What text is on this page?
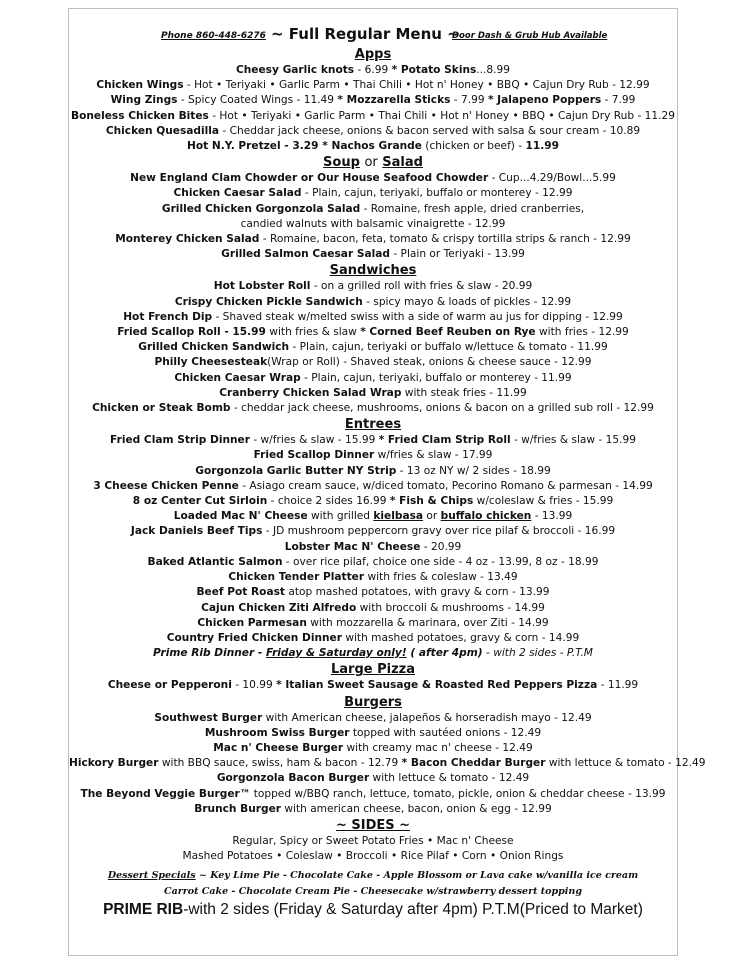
Phone 860-448-6276 ~ Full Regular Menu ~
Door Dash & Grub Hub Available
Apps
Cheesy Garlic knots - 6.99 * Potato Skins...8.99
Chicken Wings - Hot • Teriyaki • Garlic Parm • Thai Chili • Hot n' Honey • BBQ • Cajun Dry Rub - 12.99
Wing Zings - Spicy Coated Wings - 11.49 * Mozzarella Sticks - 7.99 * Jalapeno Poppers - 7.99
Boneless Chicken Bites - Hot • Teriyaki • Garlic Parm • Thai Chili • Hot n' Honey • BBQ • Cajun Dry Rub - 11.29
Chicken Quesadilla - Cheddar jack cheese, onions & bacon served with salsa & sour cream - 10.89
Hot N.Y. Pretzel - 3.29 * Nachos Grande (chicken or beef) - 11.99
Soup or Salad
New England Clam Chowder or Our House Seafood Chowder - Cup...4.29/Bowl...5.99
Chicken Caesar Salad - Plain, cajun, teriyaki, buffalo or monterey - 12.99
Grilled Chicken Gorgonzola Salad - Romaine, fresh apple, dried cranberries,
candied walnuts with balsamic vinaigrette - 12.99
Monterey Chicken Salad - Romaine, bacon, feta, tomato & crispy tortilla strips & ranch - 12.99
Grilled Salmon Caesar Salad - Plain or Teriyaki - 13.99
Sandwiches
Hot Lobster Roll - on a grilled roll with fries & slaw - 20.99
Crispy Chicken Pickle Sandwich - spicy mayo & loads of pickles - 12.99
Hot French Dip - Shaved steak w/melted swiss with a side of warm au jus for dipping - 12.99
Fried Scallop Roll - 15.99 with fries & slaw * Corned Beef Reuben on Rye with fries - 12.99
Grilled Chicken Sandwich - Plain, cajun, teriyaki or buffalo w/lettuce & tomato - 11.99
Philly Cheesesteak(Wrap or Roll) - Shaved steak, onions & cheese sauce - 12.99
Chicken Caesar Wrap - Plain, cajun, teriyaki, buffalo or monterey - 11.99
Cranberry Chicken Salad Wrap with steak fries - 11.99
Chicken or Steak Bomb - cheddar jack cheese, mushrooms, onions & bacon on a grilled sub roll - 12.99
Entrees
Fried Clam Strip Dinner - w/fries & slaw - 15.99 * Fried Clam Strip Roll - w/fries & slaw - 15.99
Fried Scallop Dinner w/fries & slaw - 17.99
Gorgonzola Garlic Butter NY Strip - 13 oz NY w/ 2 sides - 18.99
3 Cheese Chicken Penne - Asiago cream sauce, w/diced tomato, Pecorino Romano & parmesan - 14.99
8 oz Center Cut Sirloin - choice 2 sides 16.99 * Fish & Chips w/coleslaw & fries - 15.99
Loaded Mac N' Cheese with grilled kielbasa or buffalo chicken - 13.99
Jack Daniels Beef Tips - JD mushroom peppercorn gravy over rice pilaf & broccoli - 16.99
Lobster Mac N' Cheese - 20.99
Baked Atlantic Salmon - over rice pilaf, choice one side - 4 oz - 13.99, 8 oz - 18.99
Chicken Tender Platter with fries & coleslaw - 13.49
Beef Pot Roast atop mashed potatoes, with gravy & corn - 13.99
Cajun Chicken Ziti Alfredo with broccoli & mushrooms - 14.99
Chicken Parmesan with mozzarella & marinara, over Ziti - 14.99
Country Fried Chicken Dinner with mashed potatoes, gravy & corn - 14.99
Prime Rib Dinner - Friday & Saturday only! ( after 4pm) - with 2 sides - P.T.M
Large Pizza
Cheese or Pepperoni - 10.99 * Italian Sweet Sausage & Roasted Red Peppers Pizza - 11.99
Burgers
Southwest Burger with American cheese, jalapeños & horseradish mayo - 12.49
Mushroom Swiss Burger topped with sautéed onions - 12.49
Mac n' Cheese Burger with creamy mac n' cheese - 12.49
Hickory Burger with BBQ sauce, swiss, ham & bacon - 12.79 * Bacon Cheddar Burger with lettuce & tomato - 12.49
Gorgonzola Bacon Burger with lettuce & tomato - 12.49
The Beyond Veggie Burger™ topped w/BBQ ranch, lettuce, tomato, pickle, onion & cheddar cheese - 13.99
Brunch Burger with american cheese, bacon, onion & egg - 12.99
~ SIDES ~
Regular, Spicy or Sweet Potato Fries • Mac n' Cheese
Mashed Potatoes • Coleslaw • Broccoli • Rice Pilaf • Corn • Onion Rings
Dessert Specials ~ Key Lime Pie - Chocolate Cake - Apple Blossom or Lava cake w/vanilla ice cream
Carrot Cake - Chocolate Cream Pie - Cheesecake w/strawberry dessert topping
PRIME RIB-with 2 sides (Friday & Saturday after 4pm) P.T.M(Priced to Market)
